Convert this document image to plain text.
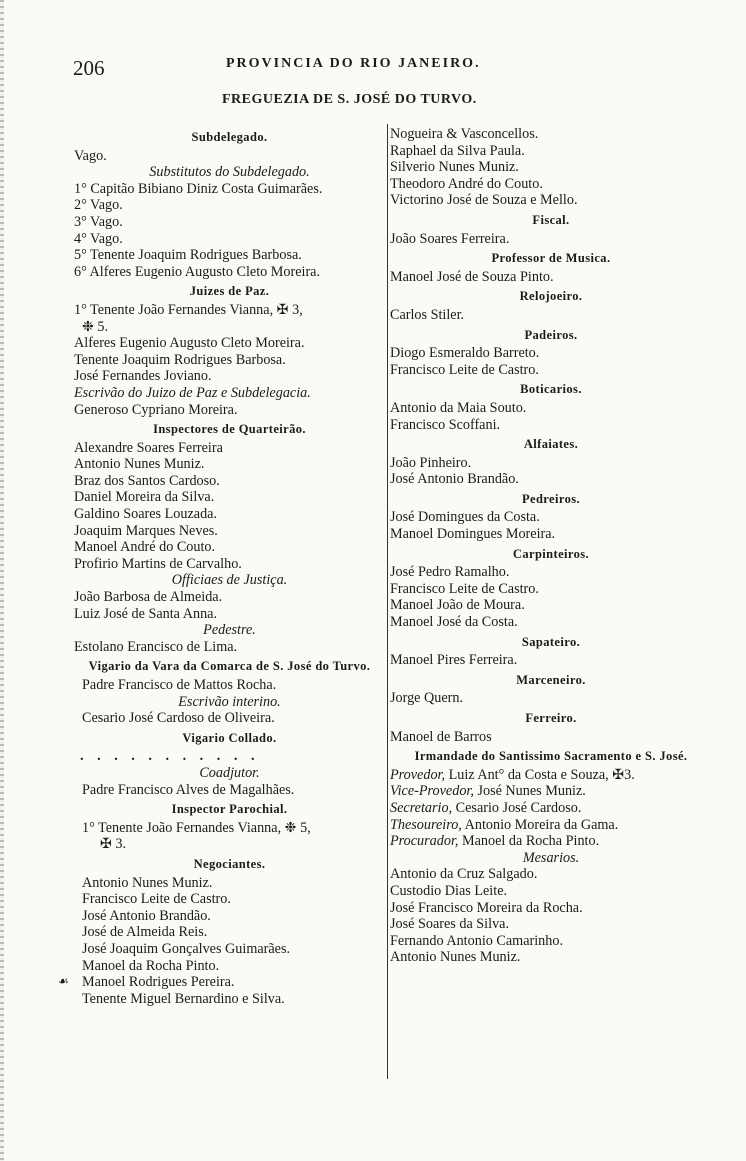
206	PROVINCIA DO RIO JANEIRO.
FREGUEZIA DE S. JOSÉ DO TURVO.
☙
Subdelegado.
Vago.
Substitutos do Subdelegado.
1° Capitão Bibiano Diniz Costa Guimarães.
2° Vago.
3° Vago.
4° Vago.
5° Tenente Joaquim Rodrigues Barbosa.
6° Alferes Eugenio Augusto Cleto Moreira.
Juizes de Paz.
1° Tenente João Fernandes Vianna, ✠ 3,
❉ 5.
Alferes Eugenio Augusto Cleto Moreira.
Tenente Joaquim Rodrigues Barbosa.
José Fernandes Joviano.
Escrivão do Juizo de Paz e Subdelegacia.
Generoso Cypriano Moreira.
Inspectores de Quarteirão.
Alexandre Soares Ferreira
Antonio Nunes Muniz.
Braz dos Santos Cardoso.
Daniel Moreira da Silva.
Galdino Soares Louzada.
Joaquim Marques Neves.
Manoel André do Couto.
Profirio Martins de Carvalho.
Officiaes de Justiça.
João Barbosa de Almeida.
Luiz José de Santa Anna.
Pedestre.
Estolano Erancisco de Lima.
Vigario da Vara da Comarca de S. José do Turvo.
Padre Francisco de Mattos Rocha.
Escrivão interino.
Cesario José Cardoso de Oliveira.
Vigario Collado.
. . . . . . . . . . .
Coadjutor.
Padre Francisco Alves de Magalhães.
Inspector Parochial.
1° Tenente João Fernandes Vianna, ❉ 5,
✠ 3.
Negociantes.
Antonio Nunes Muniz.
Francisco Leite de Castro.
José Antonio Brandão.
José de Almeida Reis.
José Joaquim Gonçalves Guimarães.
Manoel da Rocha Pinto.
Manoel Rodrigues Pereira.
Tenente Miguel Bernardino e Silva.
Nogueira & Vasconcellos.
Raphael da Silva Paula.
Silverio Nunes Muniz.
Theodoro André do Couto.
Victorino José de Souza e Mello.
Fiscal.
João Soares Ferreira.
Professor de Musica.
Manoel José de Souza Pinto.
Relojoeiro.
Carlos Stiler.
Padeiros.
Diogo Esmeraldo Barreto.
Francisco Leite de Castro.
Boticarios.
Antonio da Maia Souto.
Francisco Scoffani.
Alfaiates.
João Pinheiro.
José Antonio Brandão.
Pedreiros.
José Domingues da Costa.
Manoel Domingues Moreira.
Carpinteiros.
José Pedro Ramalho.
Francisco Leite de Castro.
Manoel João de Moura.
Manoel José da Costa.
Sapateiro.
Manoel Pires Ferreira.
Marceneiro.
Jorge Quern.
Ferreiro.
Manoel de Barros
Irmandade do Santissimo Sacramento e S. José.
Provedor, Luiz Ant° da Costa e Souza, ✠3.
Vice-Provedor, José Nunes Muniz.
Secretario, Cesario José Cardoso.
Thesoureiro, Antonio Moreira da Gama.
Procurador, Manoel da Rocha Pinto.
Mesarios.
Antonio da Cruz Salgado.
Custodio Dias Leite.
José Francisco Moreira da Rocha.
José Soares da Silva.
Fernando Antonio Camarinho.
Antonio Nunes Muniz.
